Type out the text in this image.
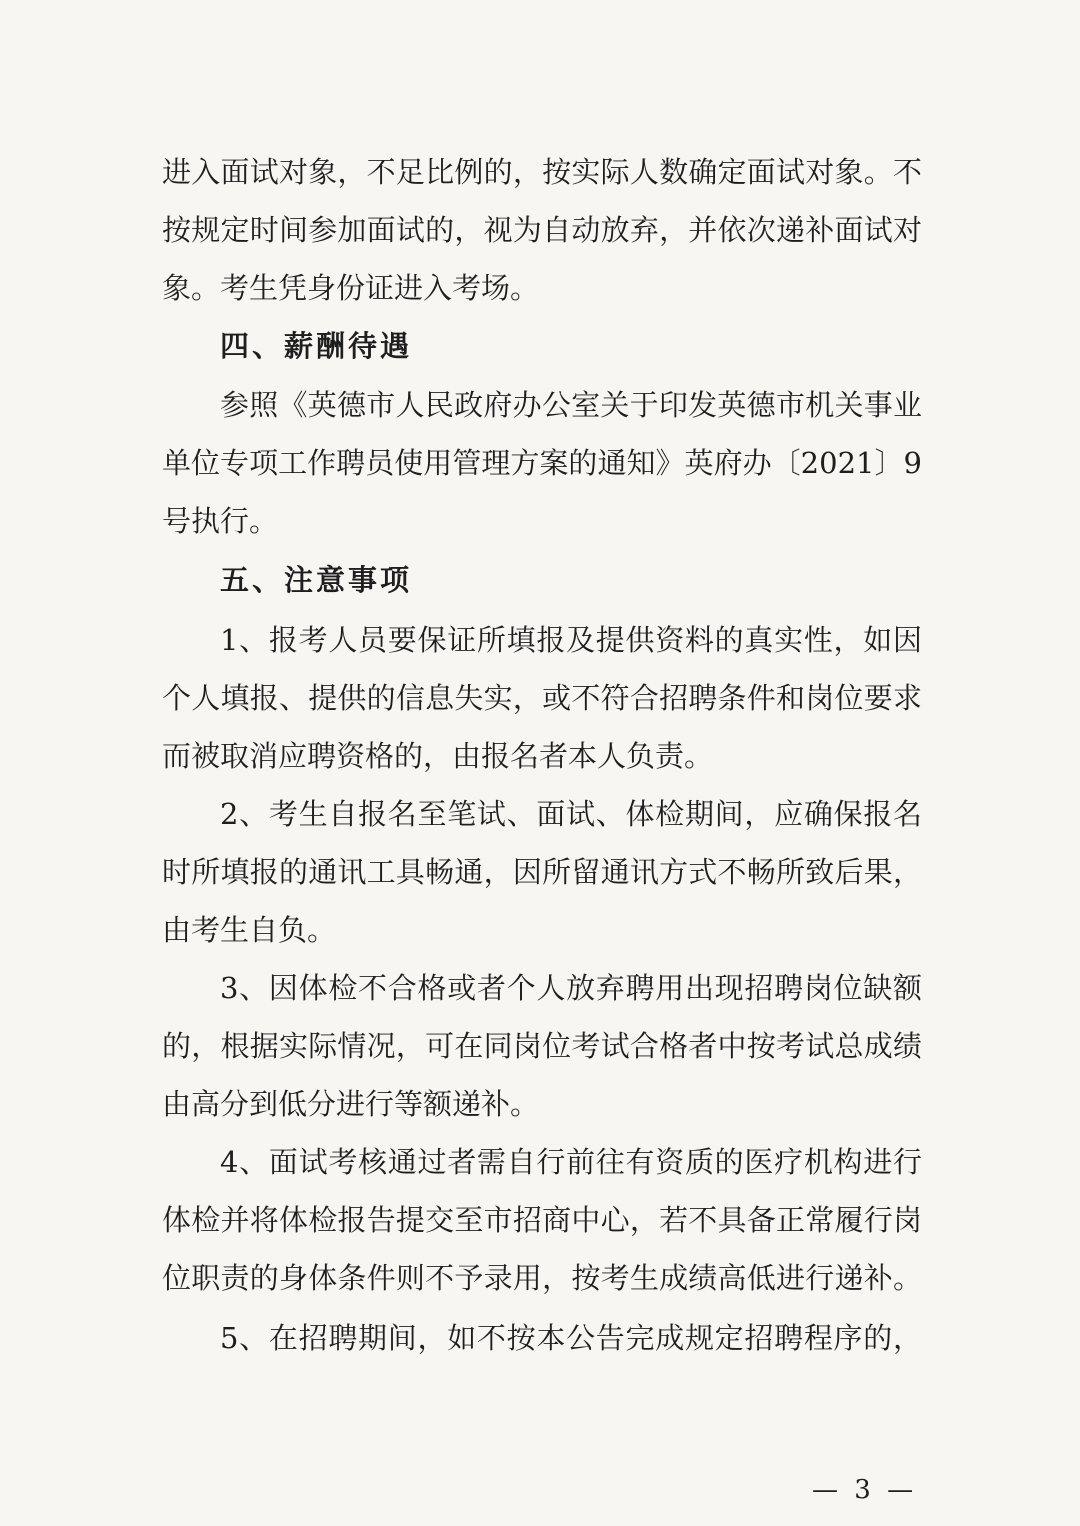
进入面试对象，不足比例的，按实际人数确定面试对象。不
按规定时间参加面试的，视为自动放弃，并依次递补面试对
象。考生凭身份证进入考场。
四、薪酬待遇
参照《英德市人民政府办公室关于印发英德市机关事业
单位专项工作聘员使用管理方案的通知》英府办〔2021〕9
号执行。
五、注意事项
1、报考人员要保证所填报及提供资料的真实性，如因
个人填报、提供的信息失实，或不符合招聘条件和岗位要求
而被取消应聘资格的，由报名者本人负责。
2、考生自报名至笔试、面试、体检期间，应确保报名
时所填报的通讯工具畅通，因所留通讯方式不畅所致后果，
由考生自负。
3、因体检不合格或者个人放弃聘用出现招聘岗位缺额
的，根据实际情况，可在同岗位考试合格者中按考试总成绩
由高分到低分进行等额递补。
4、面试考核通过者需自行前往有资质的医疗机构进行
体检并将体检报告提交至市招商中心，若不具备正常履行岗
位职责的身体条件则不予录用，按考生成绩高低进行递补。
5、在招聘期间，如不按本公告完成规定招聘程序的，
— 3 —
